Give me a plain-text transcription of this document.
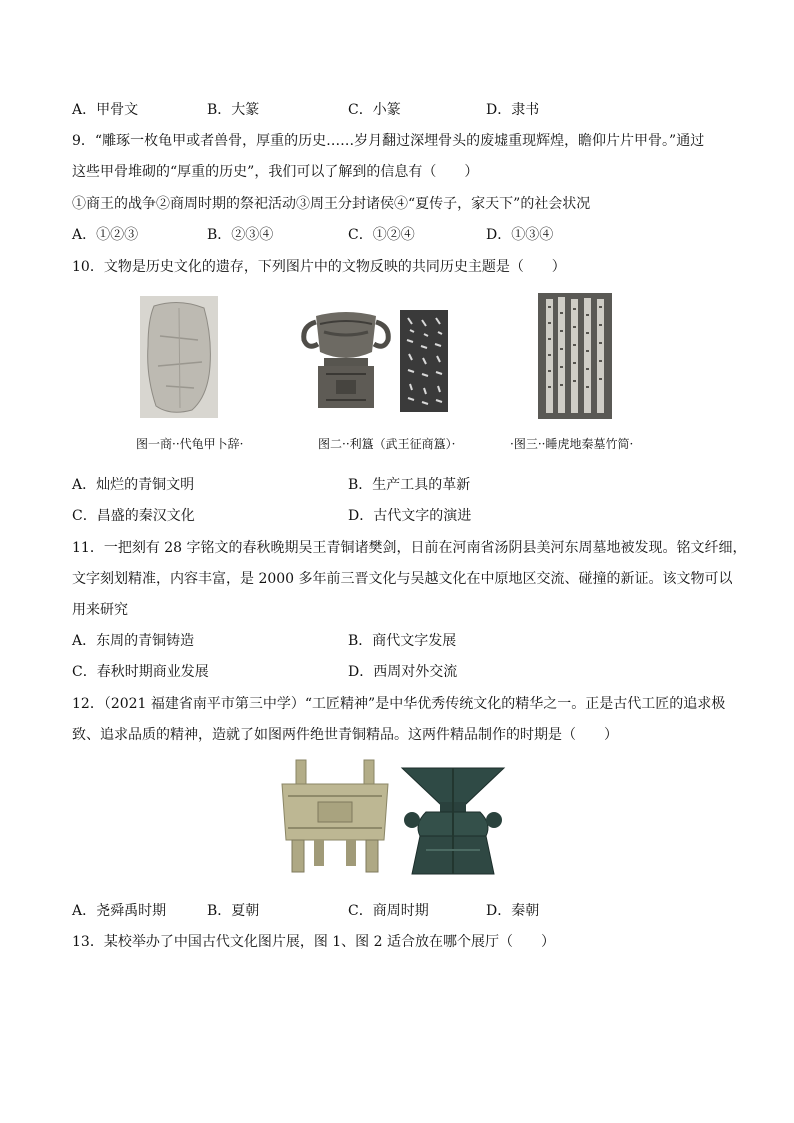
A．甲骨文	B．大篆	C．小篆	D．隶书
9．“雕琢一枚龟甲或者兽骨，厚重的历史……岁月翻过深埋骨头的废墟重现辉煌，瞻仰片片甲骨。”通过
这些甲骨堆砌的“厚重的历史”，我们可以了解到的信息有（　　）
①商王的战争②商周时期的祭祀活动③周王分封诸侯④“夏传子，家天下”的社会状况
A．①②③	B．②③④	C．①②④	D．①③④
10．文物是历史文化的遗存，下列图片中的文物反映的共同历史主题是（　　）
图一商··代龟甲卜辞·	图二··利簋（武王征商簋）·	·图三··睡虎地秦墓竹简·
A．灿烂的青铜文明	B．生产工具的革新
C．昌盛的秦汉文化	D．古代文字的演进
11．一把刻有 28 字铭文的春秋晚期吴王青铜诸樊剑，日前在河南省汤阴县美河东周墓地被发现。铭文纤细，
文字刻划精准，内容丰富，是 2000 多年前三晋文化与吴越文化在中原地区交流、碰撞的新证。该文物可以
用来研究
A．东周的青铜铸造	B．商代文字发展
C．春秋时期商业发展	D．西周对外交流
12．（2021 福建省南平市第三中学）“工匠精神”是中华优秀传统文化的精华之一。正是古代工匠的追求极
致、追求品质的精神，造就了如图两件绝世青铜精品。这两件精品制作的时期是（　　）
A．尧舜禹时期	B．夏朝	C．商周时期	D．秦朝
13．某校举办了中国古代文化图片展，图 1、图 2 适合放在哪个展厅（　　）
